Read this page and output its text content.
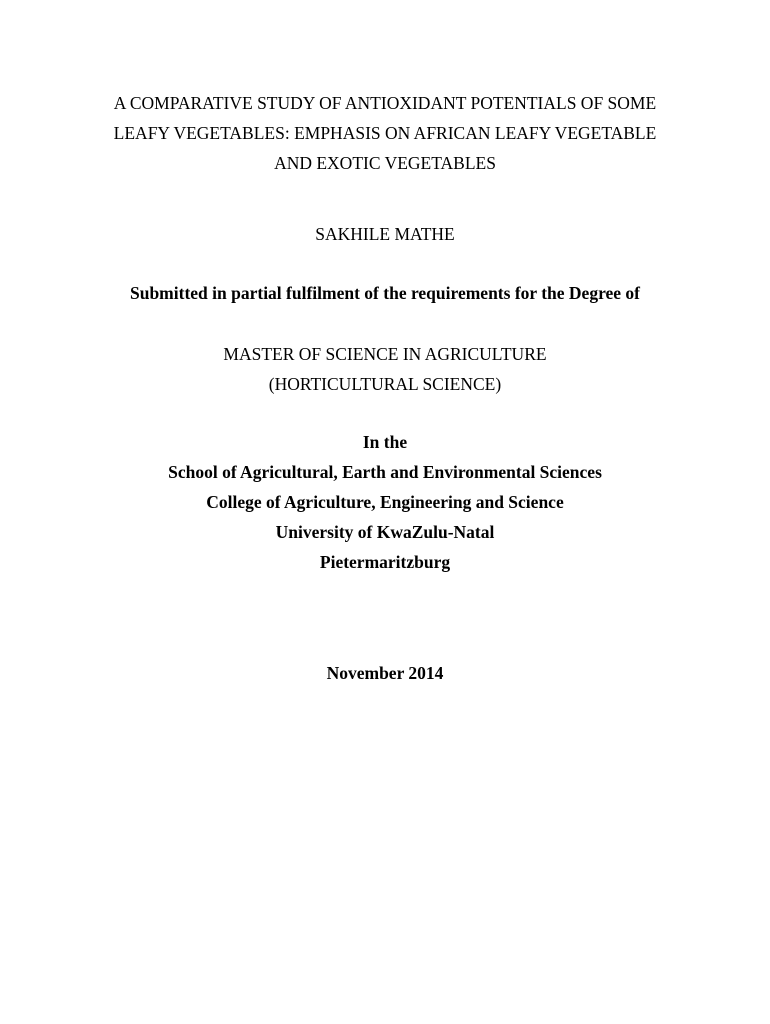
A COMPARATIVE STUDY OF ANTIOXIDANT POTENTIALS OF SOME
LEAFY VEGETABLES: EMPHASIS ON AFRICAN LEAFY VEGETABLE
AND EXOTIC VEGETABLES
SAKHILE MATHE
Submitted in partial fulfilment of the requirements for the Degree of
MASTER OF SCIENCE IN AGRICULTURE
(HORTICULTURAL SCIENCE)
In the
School of Agricultural, Earth and Environmental Sciences
College of Agriculture, Engineering and Science
University of KwaZulu-Natal
Pietermaritzburg
November 2014
